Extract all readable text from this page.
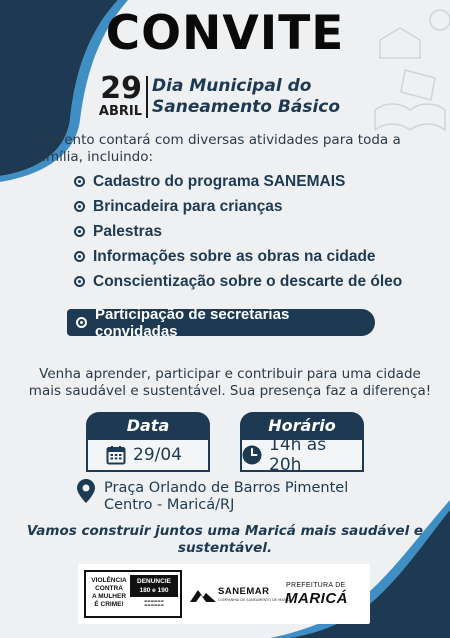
CONVITE
29
ABRIL
Dia Municipal do
Saneamento Básico
O evento contará com diversas atividades para toda a
família, incluindo:
Cadastro do programa SANEMAIS
Brincadeira para crianças
Palestras
Informações sobre as obras na cidade
Conscientização sobre o descarte de óleo
Participação de secretarias convidadas
Venha aprender, participar e contribuir para uma cidade
mais saudável e sustentável. Sua presença faz a diferença!
Data	Horário
29/04	14h às 20h
Praça Orlando de Barros Pimentel
Centro - Maricá/RJ
Vamos construir juntos uma Maricá mais saudável e
sustentável.
VIOLÊNCIA
CONTRA
A MULHER
É CRIME!
DENUNCIE
180 e 190
▬▬▬▬▬▬
▬▬▬▬▬▬
SANEMAR
COMPANHIA DE SANEAMENTO DE MARICÁ
PREFEITURA DE
MARICÁ
